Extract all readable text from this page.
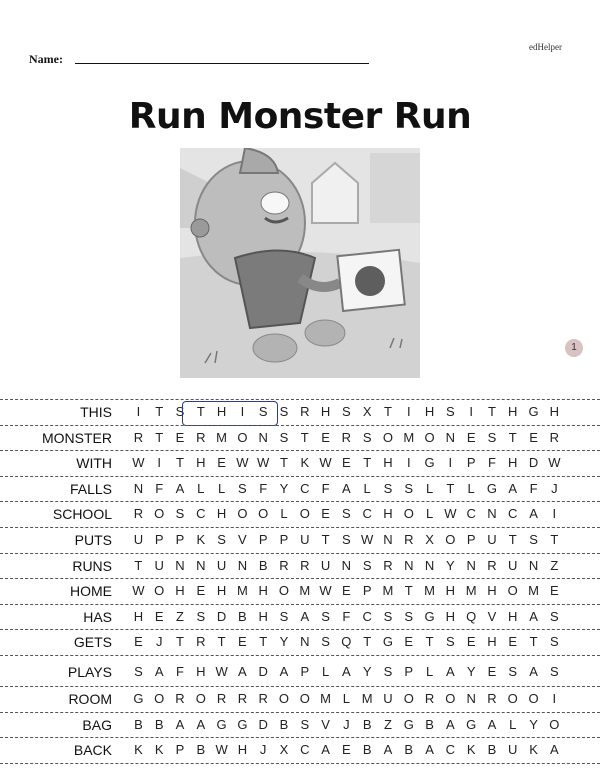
edHelper
Name:
Run Monster Run
1
THIS	I	T S T H	I	S S R H S X T	I	H S	I	T H G H
MONSTER	R T E R M O N S T E R S O M O N E S T E R
WITH	W I	T H E W W T K W E T H	I	G	I	P F H D W
FALLS	N F A L	L S F Y C F A L S S L	T	L G A F	J
SCHOOL	R O S C H O O L O E S C H O L W C N C A	I
PUTS	U P P K S V P P U T S W N R X O P U T S T
RUNS	T U N N U N B R R U N S R N N Y N R U N Z
HOME	W O H E H M H O M W E P M T M H M H O M E
HAS	H E Z S D B H S A S F C S S G H Q V H A S
GETS	E	J	T R T E T Y N S Q T G E T S E H E T S
PLAYS	S A F H W A D A P L A Y S P L A Y E S A S
ROOM	G O R O R R R O O M L M U O R O N R O O	I
BAG	B B A A G G D B S V	J	B Z G B A G A L Y O
BACK	K K P B W H J	X C A E B A B A C K B U K A
